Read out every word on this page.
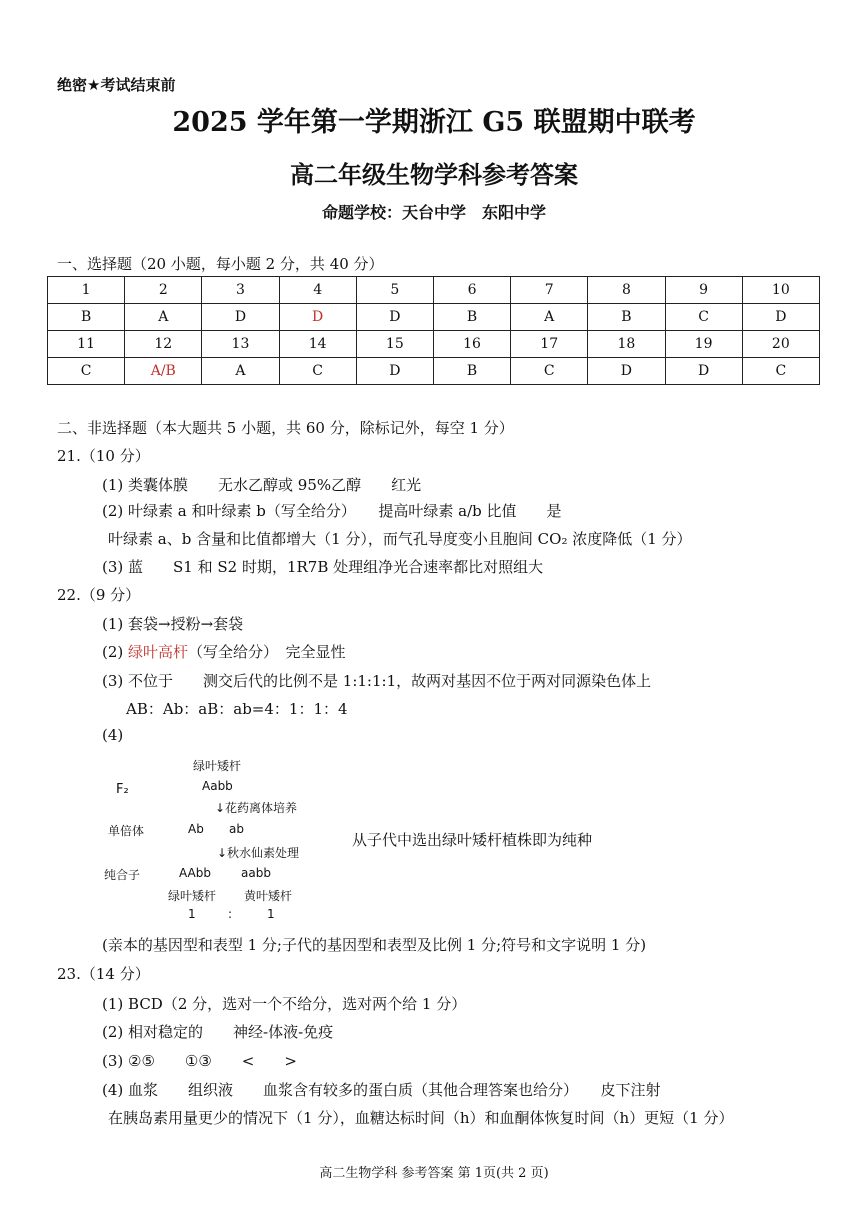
绝密★考试结束前
2025 学年第一学期浙江 G5 联盟期中联考
高二年级生物学科参考答案
命题学校：天台中学　东阳中学
一、选择题（20 小题，每小题 2 分，共 40 分）
1	2	3	4	5	6	7	8	9	10
B	A	D	D	D	B	A	B	C	D
11	12	13	14	15	16	17	18	19	20
C	A/B	A	C	D	B	C	D	D	C
二、非选择题（本大题共 5 小题，共 60 分，除标记外，每空 1 分）
21.（10 分）
(1) 类囊体膜　　无水乙醇或 95%乙醇　　红光
(2) 叶绿素 a 和叶绿素 b（写全给分）　　提高叶绿素 a/b 比值　　是
叶绿素 a、b 含量和比值都增大（1 分），而气孔导度变小且胞间 CO₂ 浓度降低（1 分）
(3) 蓝　　S1 和 S2 时期，1R7B 处理组净光合速率都比对照组大
22.（9 分）
(1) 套袋→授粉→套袋
(2) 绿叶高杆（写全给分）　完全显性
(3) 不位于　　测交后代的比例不是 1:1:1:1，故两对基因不位于两对同源染色体上
AB：Ab：aB：ab=4：1：1：4
(4)
绿叶矮杆
F₂	Aabb
↓花药离体培养
单倍体	Ab ab
↓秋水仙素处理
纯合子	AAbb	aabb
绿叶矮杆 黄叶矮杆
1	:	1
从子代中选出绿叶矮杆植株即为纯种
(亲本的基因型和表型 1 分;子代的基因型和表型及比例 1 分;符号和文字说明 1 分)
23.（14 分）
(1) BCD（2 分，选对一个不给分，选对两个给 1 分）
(2) 相对稳定的　　神经-体液-免疫
(3) ②⑤　　①③　　<　　>
(4) 血浆　　组织液　　血浆含有较多的蛋白质（其他合理答案也给分）　　皮下注射
在胰岛素用量更少的情况下（1 分），血糖达标时间（h）和血酮体恢复时间（h）更短（1 分）
高二生物学科 参考答案 第 1页(共 2 页)
